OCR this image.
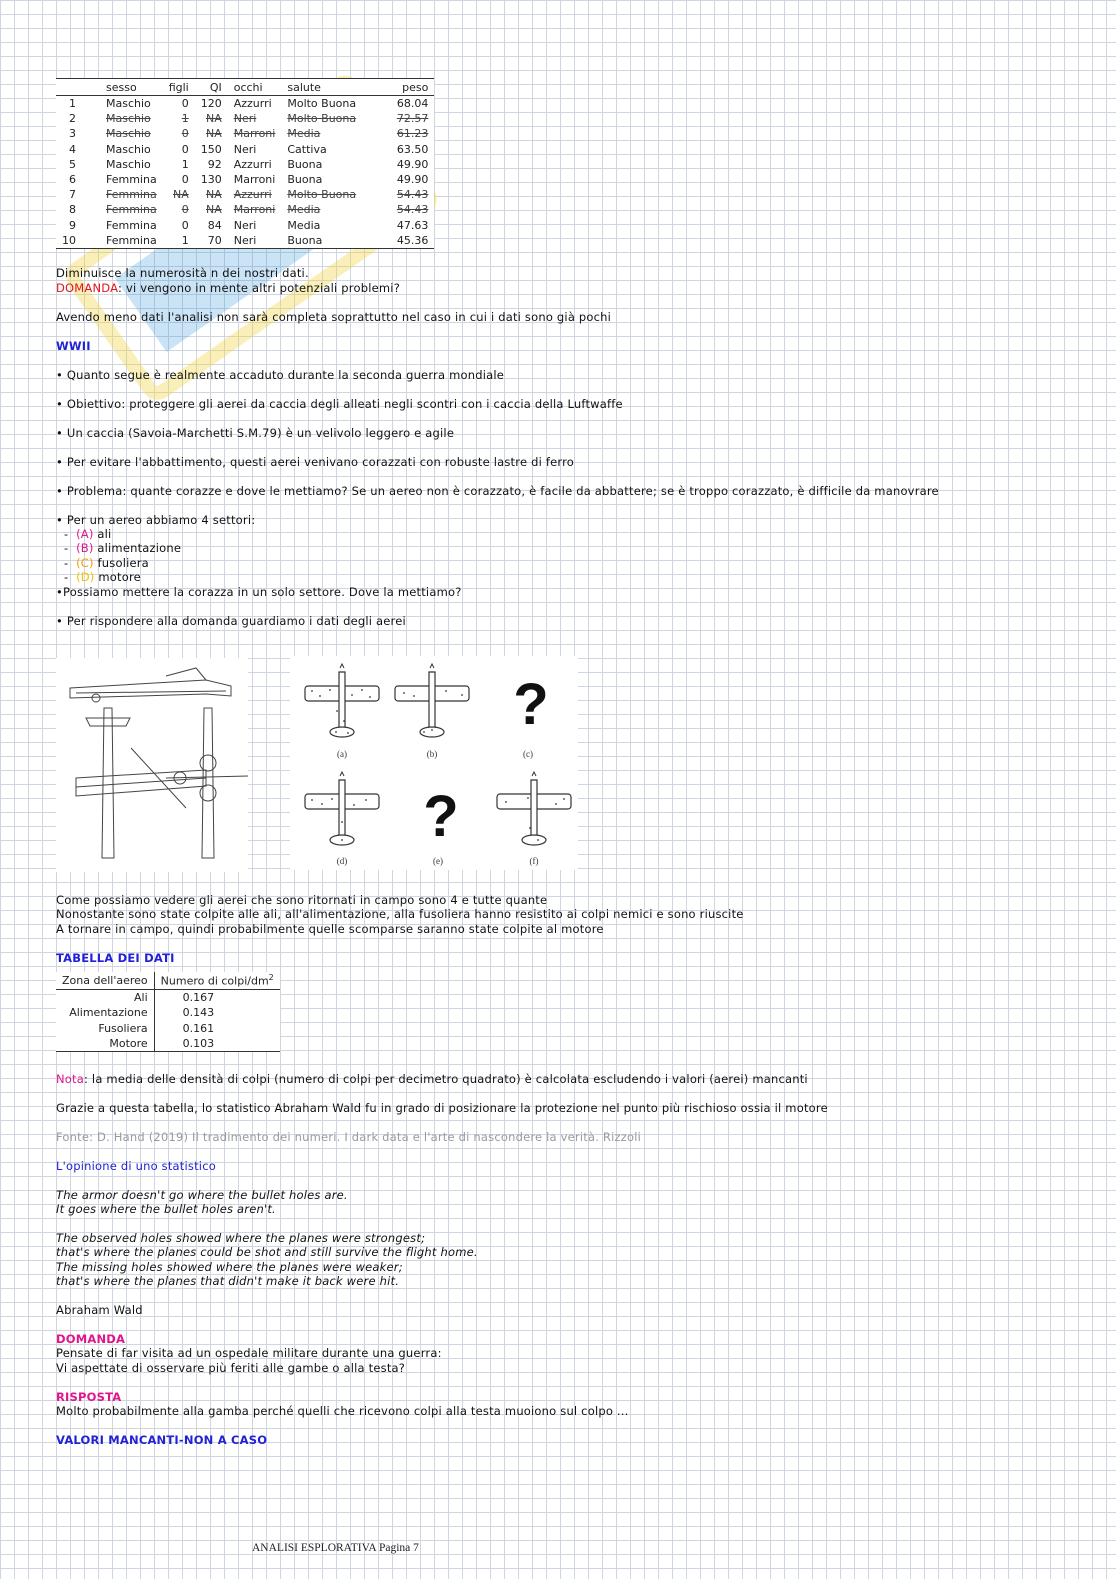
	sesso	figli	QI	occhi	salute	peso
1	Maschio	0	120	Azzurri	Molto Buona	68.04
2	Maschio	1	NA	Neri	Molto Buona	72.57
3	Maschio	0	NA	Marroni	Media	61.23
4	Maschio	0	150	Neri	Cattiva	63.50
5	Maschio	1	92	Azzurri	Buona	49.90
6	Femmina	0	130	Marroni	Buona	49.90
7	Femmina	NA	NA	Azzurri	Molto Buona	54.43
8	Femmina	0	NA	Marroni	Media	54.43
9	Femmina	0	84	Neri	Media	47.63
10	Femmina	1	70	Neri	Buona	45.36
Diminuisce la numerosità n dei nostri dati.
DOMANDA: vi vengono in mente altri potenziali problemi?
Avendo meno dati l'analisi non sarà completa soprattutto nel caso in cui i dati sono già pochi
WWII
• Quanto segue è realmente accaduto durante la seconda guerra mondiale
• Obiettivo: proteggere gli aerei da caccia degli alleati negli scontri con i caccia della Luftwaffe
• Un caccia (Savoia-Marchetti S.M.79) è un velivolo leggero e agile
• Per evitare l'abbattimento, questi aerei venivano corazzati con robuste lastre di ferro
• Problema: quante corazze e dove le mettiamo? Se un aereo non è corazzato, è facile da abbattere; se è troppo corazzato, è difficile da manovrare
• Per un aereo abbiamo 4 settori:
-  (A) ali
-  (B) alimentazione
-  (C) fusoliera
-  (D) motore
•Possiamo mettere la corazza in un solo settore. Dove la mettiamo?
• Per rispondere alla domanda guardiamo i dati degli aerei
?
?
(a)	(b)	(c)
(d)	(e)	(f)
Come possiamo vedere gli aerei che sono ritornati in campo sono 4 e tutte quante
Nonostante sono state colpite alle ali, all'alimentazione, alla fusoliera hanno resistito ai colpi nemici e sono riuscite
A tornare in campo, quindi probabilmente quelle scomparse saranno state colpite al motore
TABELLA DEI DATI
Zona dell'aereo	Numero di colpi/$dm^2$
Ali	0.167
Alimentazione	0.143
Fusoliera	0.161
Motore	0.103
Nota: la media delle densità di colpi (numero di colpi per decimetro quadrato) è calcolata escludendo i valori (aerei) mancanti
Grazie a questa tabella, lo statistico Abraham Wald fu in grado di posizionare la protezione nel punto più rischioso ossia il motore
Fonte: D. Hand (2019) Il tradimento dei numeri. I dark data e l'arte di nascondere la verità. Rizzoli
L'opinione di uno statistico
The armor doesn't go where the bullet holes are.
It goes where the bullet holes aren't.
The observed holes showed where the planes were strongest;
that's where the planes could be shot and still survive the flight home.
The missing holes showed where the planes were weaker;
that's where the planes that didn't make it back were hit.
Abraham Wald
DOMANDA
Pensate di far visita ad un ospedale militare durante una guerra:
Vi aspettate di osservare più feriti alle gambe o alla testa?
RISPOSTA
Molto probabilmente alla gamba perché quelli che ricevono colpi alla testa muoiono sul colpo ...
VALORI MANCANTI-NON A CASO
ANALISI ESPLORATIVA Pagina 7
